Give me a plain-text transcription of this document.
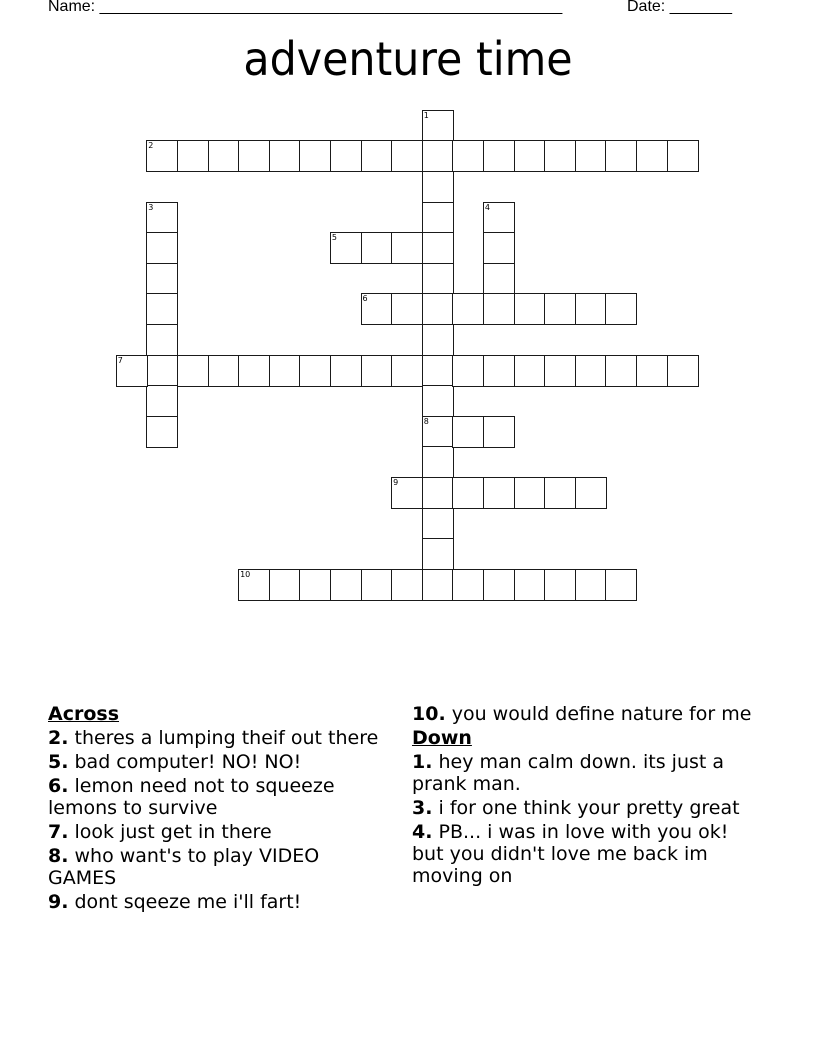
Name: ____________________________________________________	Date: _______
adventure time
1
8
2
3	4
5
6
7
9
10
Across
2. theres a lumping theif out there
5. bad computer! NO! NO!
6. lemon need not to squeeze lemons to survive
7. look just get in there
8. who want's to play VIDEO GAMES
9. dont sqeeze me i'll fart!
10. you would define nature for me
Down
1. hey man calm down. its just a prank man.
3. i for one think your pretty great
4. PB... i was in love with you ok! but you didn't love me back im moving on
